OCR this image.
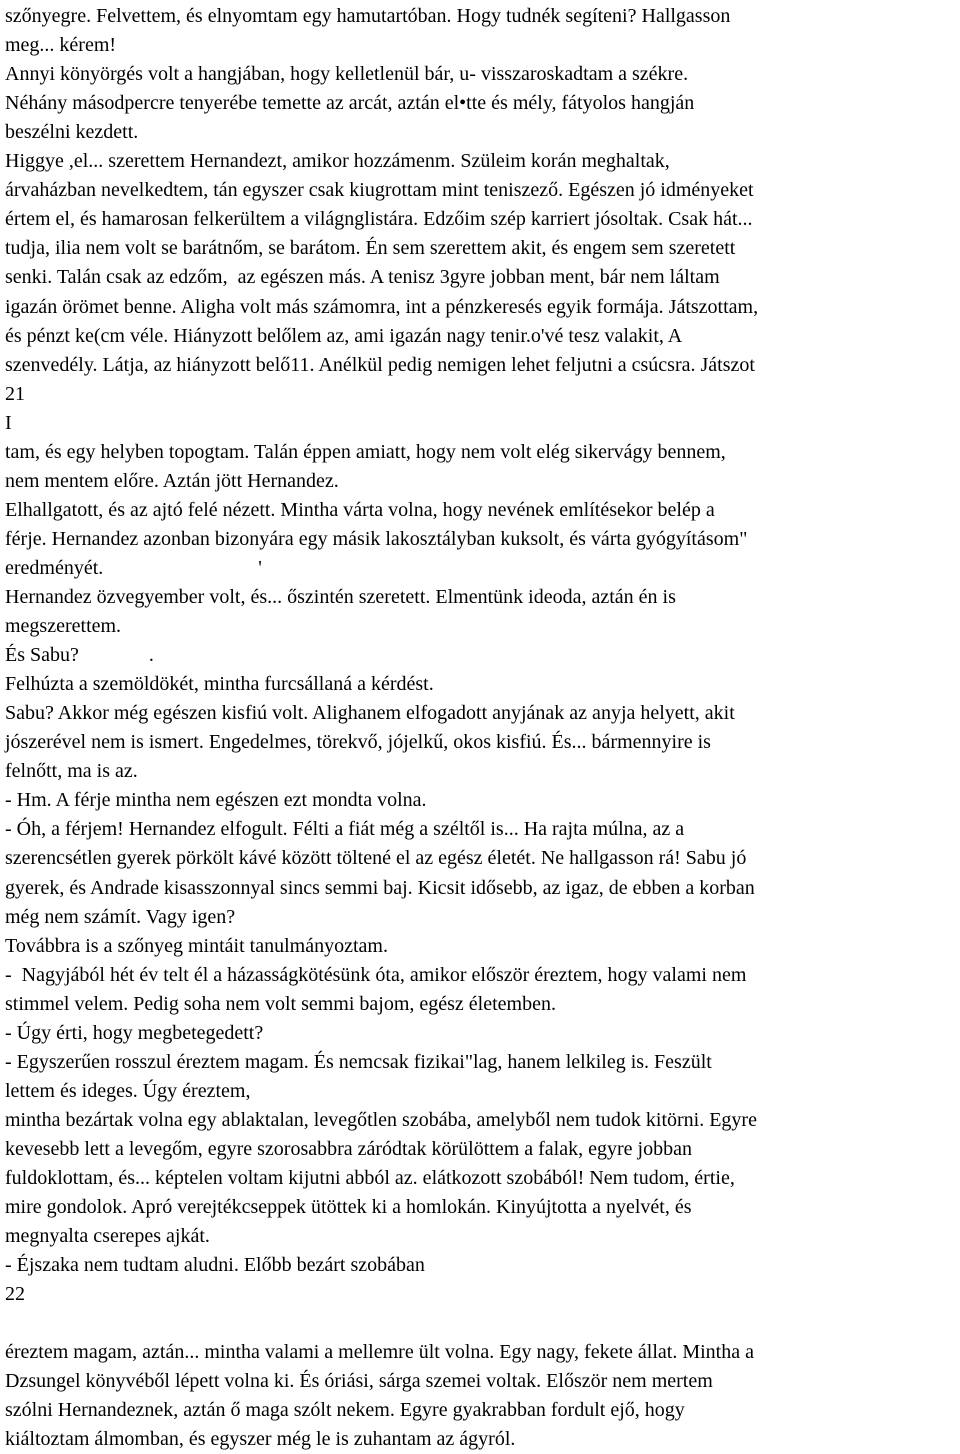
szőnyegre. Felvettem, és elnyomtam egy hamutartóban. Hogy tudnék segíteni? Hallgasson
meg... kérem!
Annyi könyörgés volt a hangjában, hogy kelletlenül bár, u- visszaroskadtam a székre.
Néhány másodpercre tenyerébe temette az arcát, aztán el•tte és mély, fátyolos hangján
beszélni kezdett.
Higgye ,el... szerettem Hernandezt, amikor hozzámenm. Szüleim korán meghaltak,
árvaházban nevelkedtem, tán egyszer csak kiugrottam mint teniszező. Egészen jó idményeket
értem el, és hamarosan felkerültem a világnglistára. Edzőim szép karriert jósoltak. Csak hát...
tudja, ilia nem volt se barátnőm, se barátom. Én sem szerettem akit, és engem sem szeretett
senki. Talán csak az edzőm,  az egészen más. A tenisz 3gyre jobban ment, bár nem láltam
igazán örömet benne. Aligha volt más számomra, int a pénzkeresés egyik formája. Játszottam,
és pénzt ke(cm véle. Hiányzott belőlem az, ami igazán nagy tenir.o'vé tesz valakit, A
szenvedély. Látja, az hiányzott belő11. Anélkül pedig nemigen lehet feljutni a csúcsra. Játszot
21
I
tam, és egy helyben topogtam. Talán éppen amiatt, hogy nem volt elég sikervágy bennem,
nem mentem előre. Aztán jött Hernandez.
Elhallgatott, és az ajtó felé nézett. Mintha várta volna, hogy nevének említésekor belép a
férje. Hernandez azonban bizonyára egy másik lakosztályban kuksolt, és várta gyógyításom"
eredményét.                               '
Hernandez özvegyember volt, és... őszintén szeretett. Elmentünk ideoda, aztán én is
megszerettem.
És Sabu?              .
Felhúzta a szemöldökét, mintha furcsállaná a kérdést.
Sabu? Akkor még egészen kisfiú volt. Alighanem elfogadott anyjának az anyja helyett, akit
jószerével nem is ismert. Engedelmes, törekvő, jójelkű, okos kisfiú. És... bármennyire is
felnőtt, ma is az.
- Hm. A férje mintha nem egészen ezt mondta volna.
- Óh, a férjem! Hernandez elfogult. Félti a fiát még a széltől is... Ha rajta múlna, az a
szerencsétlen gyerek pörkölt kávé között töltené el az egész életét. Ne hallgasson rá! Sabu jó
gyerek, és Andrade kisasszonnyal sincs semmi baj. Kicsit idősebb, az igaz, de ebben a korban
még nem számít. Vagy igen?
Továbbra is a szőnyeg mintáit tanulmányoztam.
-  Nagyjából hét év telt él a házasságkötésünk óta, amikor először éreztem, hogy valami nem
stimmel velem. Pedig soha nem volt semmi bajom, egész életemben.
- Úgy érti, hogy megbetegedett?
- Egyszerűen rosszul éreztem magam. És nemcsak fizikai"lag, hanem lelkileg is. Feszült
lettem és ideges. Úgy éreztem,
mintha bezártak volna egy ablaktalan, levegőtlen szobába, amelyből nem tudok kitörni. Egyre
kevesebb lett a levegőm, egyre szorosabbra záródtak körülöttem a falak, egyre jobban
fuldoklottam, és... képtelen voltam kijutni abból az. elátkozott szobából! Nem tudom, értie,
mire gondolok. Apró verejtékcseppek ütöttek ki a homlokán. Kinyújtotta a nyelvét, és
megnyalta cserepes ajkát.
- Éjszaka nem tudtam aludni. Előbb bezárt szobában
22
éreztem magam, aztán... mintha valami a mellemre ült volna. Egy nagy, fekete állat. Mintha a
Dzsungel könyvéből lépett volna ki. És óriási, sárga szemei voltak. Először nem mertem
szólni Hernandeznek, aztán ő maga szólt nekem. Egyre gyakrabban fordult ejő, hogy
kiáltoztam álmomban, és egyszer még le is zuhantam az ágyról.
